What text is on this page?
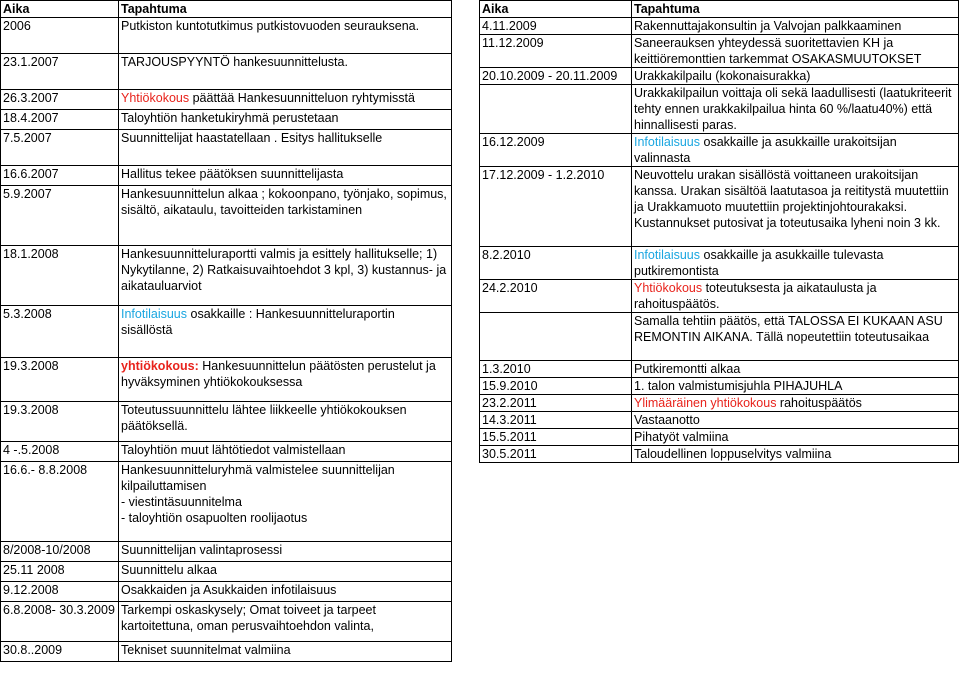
Aika	Tapahtuma
2006	Putkiston kuntotutkimus putkistovuoden seurauksena.
23.1.2007	TARJOUSPYYNTÖ hankesuunnittelusta.
26.3.2007	Yhtiökokous päättää Hankesuunnitteluon ryhtymisstä
18.4.2007	Taloyhtiön hanketukiryhmä perustetaan
7.5.2007	Suunnittelijat haastatellaan . Esitys hallitukselle
16.6.2007	Hallitus tekee päätöksen suunnittelijasta
5.9.2007	Hankesuunnittelun alkaa ; kokoonpano, työnjako, sopimus, sisältö, aikataulu, tavoitteiden tarkistaminen
18.1.2008	Hankesuunnitteluraportti valmis ja esittely hallitukselle; 1) Nykytilanne, 2) Ratkaisuvaihtoehdot 3 kpl, 3) kustannus- ja aikatauluarviot
5.3.2008	Infotilaisuus osakkaille : Hankesuunnitteluraportin sisällöstä
19.3.2008	yhtiökokous: Hankesuunnittelun päätösten perustelut ja hyväksyminen yhtiökokouksessa
19.3.2008	Toteutussuunnittelu lähtee liikkeelle yhtiökokouksen päätöksellä.
4 -.5.2008	Taloyhtiön muut lähtötiedot valmistellaan
16.6.- 8.8.2008	Hankesuunnitteluryhmä valmistelee suunnittelijan kilpailuttamisen
- viestintäsuunnitelma
- taloyhtiön osapuolten roolijaotus

8/2008-10/2008	Suunnittelijan valintaprosessi
25.11 2008	Suunnittelu alkaa
9.12.2008	Osakkaiden ja Asukkaiden infotilaisuus
6.8.2008- 30.3.2009	Tarkempi oskaskysely; Omat toiveet ja tarpeet kartoitettuna, oman perusvaihtoehdon valinta,
30.8..2009	Tekniset suunnitelmat valmiina
Aika	Tapahtuma
4.11.2009	Rakennuttajakonsultin ja Valvojan palkkaaminen
11.12.2009	Saneerauksen yhteydessä suoritettavien KH ja keittiöremonttien tarkemmat OSAKASMUUTOKSET
20.10.2009 - 20.11.2009	Urakkakilpailu (kokonaisurakka)
	Urakkakilpailun voittaja oli sekä laadullisesti (laatukriteerit tehty ennen urakkakilpailua hinta 60 %/laatu40%) että hinnallisesti paras.
16.12.2009	Infotilaisuus osakkaille ja asukkaille urakoitsijan valinnasta
17.12.2009 - 1.2.2010	Neuvottelu urakan sisällöstä voittaneen urakoitsijan kanssa. Urakan sisältöä laatutasoa ja reititystä muutettiin ja Urakkamuoto muutettiin projektinjohtourakaksi. Kustannukset putosivat ja toteutusaika lyheni noin 3 kk.
8.2.2010	Infotilaisuus osakkaille ja asukkaille tulevasta putkiremontista
24.2.2010	Yhtiökokous toteutuksesta ja aikataulusta ja rahoituspäätös.
	Samalla tehtiin päätös, että TALOSSA EI KUKAAN ASU REMONTIN AIKANA. Tällä nopeutettiin toteutusaikaa
1.3.2010	Putkiremontti alkaa
15.9.2010	1. talon valmistumisjuhla PIHAJUHLA
23.2.2011	Ylimääräinen yhtiökokous rahoituspäätös
14.3.2011	Vastaanotto
15.5.2011	Pihatyöt valmiina
30.5.2011	Taloudellinen loppuselvitys valmiina
